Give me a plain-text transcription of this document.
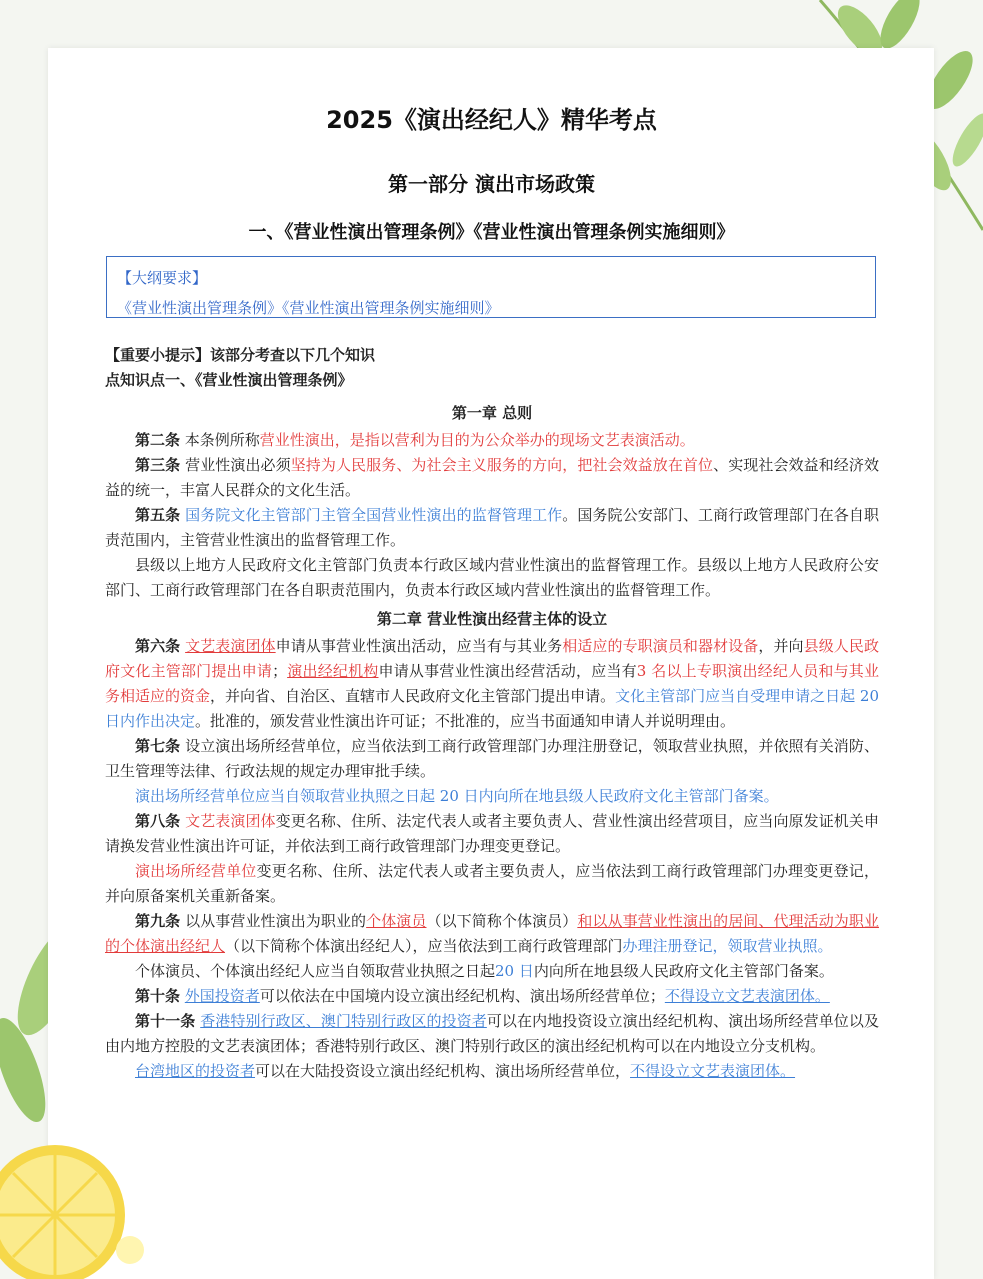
2025《演出经纪人》精华考点
第一部分 演出市场政策
一、《营业性演出管理条例》《营业性演出管理条例实施细则》
【大纲要求】
《营业性演出管理条例》《营业性演出管理条例实施细则》

【重要小提示】该部分考查以下几个知识

点知识点一、《营业性演出管理条例》

第一章 总则

第二条 本条例所称营业性演出，是指以营利为目的为公众举办的现场文艺表演活动。

第三条 营业性演出必须坚持为人民服务、为社会主义服务的方向，把社会效益放在首位、实现社会效益和经济效益的统一，丰富人民群众的文化生活。

第五条 国务院文化主管部门主管全国营业性演出的监督管理工作。国务院公安部门、工商行政管理部门在各自职责范围内，主管营业性演出的监督管理工作。

县级以上地方人民政府文化主管部门负责本行政区域内营业性演出的监督管理工作。县级以上地方人民政府公安部门、工商行政管理部门在各自职责范围内，负责本行政区域内营业性演出的监督管理工作。

第二章 营业性演出经营主体的设立

第六条 文艺表演团体申请从事营业性演出活动，应当有与其业务相适应的专职演员和器材设备，并向县级人民政府文化主管部门提出申请；演出经纪机构申请从事营业性演出经营活动，应当有3 名以上专职演出经纪人员和与其业务相适应的资金，并向省、自治区、直辖市人民政府文化主管部门提出申请。文化主管部门应当自受理申请之日起 20 日内作出决定。批准的，颁发营业性演出许可证；不批准的，应当书面通知申请人并说明理由。

第七条 设立演出场所经营单位，应当依法到工商行政管理部门办理注册登记，领取营业执照，并依照有关消防、卫生管理等法律、行政法规的规定办理审批手续。

演出场所经营单位应当自领取营业执照之日起 20 日内向所在地县级人民政府文化主管部门备案。

第八条 文艺表演团体变更名称、住所、法定代表人或者主要负责人、营业性演出经营项目，应当向原发证机关申请换发营业性演出许可证，并依法到工商行政管理部门办理变更登记。

演出场所经营单位变更名称、住所、法定代表人或者主要负责人，应当依法到工商行政管理部门办理变更登记，并向原备案机关重新备案。

第九条 以从事营业性演出为职业的个体演员（以下简称个体演员）和以从事营业性演出的居间、代理活动为职业的个体演出经纪人（以下简称个体演出经纪人），应当依法到工商行政管理部门办理注册登记，领取营业执照。

个体演员、个体演出经纪人应当自领取营业执照之日起20 日内向所在地县级人民政府文化主管部门备案。

第十条 外国投资者可以依法在中国境内设立演出经纪机构、演出场所经营单位；不得设立文艺表演团体。

第十一条 香港特别行政区、澳门特别行政区的投资者可以在内地投资设立演出经纪机构、演出场所经营单位以及由内地方控股的文艺表演团体；香港特别行政区、澳门特别行政区的演出经纪机构可以在内地设立分支机构。

台湾地区的投资者可以在大陆投资设立演出经纪机构、演出场所经营单位，不得设立文艺表演团体。
